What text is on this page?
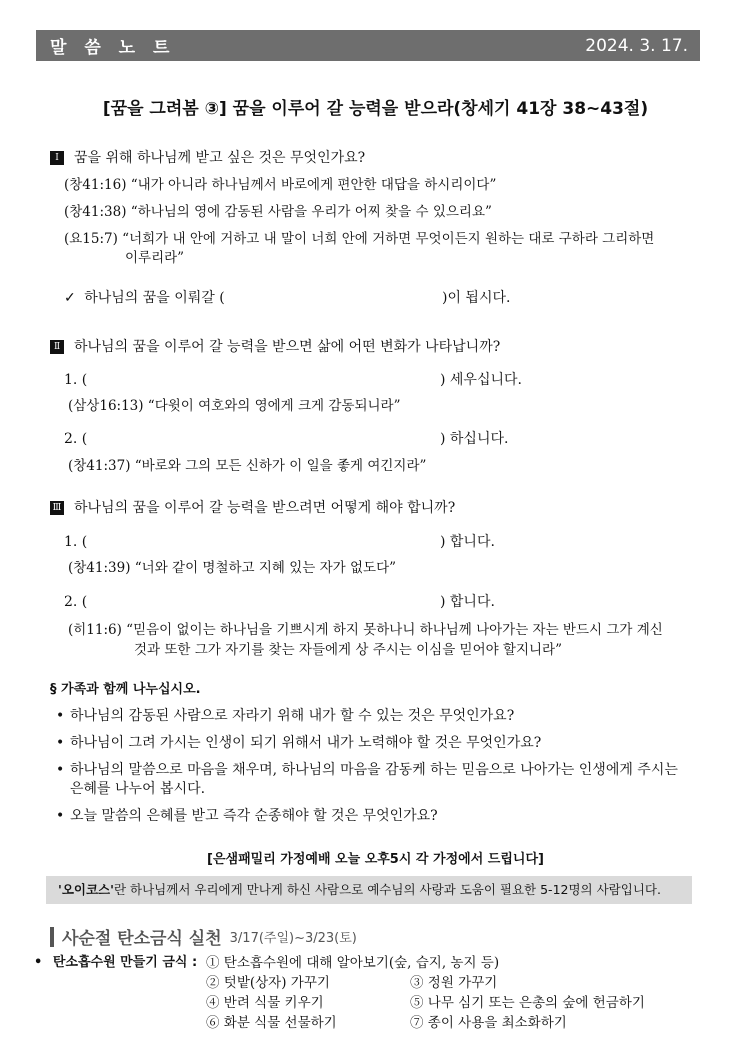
말 씀 노 트	2024. 3. 17.
[꿈을 그려봄 ③] 꿈을 이루어 갈 능력을 받으라(창세기 41장 38~43절)
Ⅰ	꿈을 위해 하나님께 받고 싶은 것은 무엇인가요?
(창41:16) “내가 아니라 하나님께서 바로에게 편안한 대답을 하시리이다”
(창41:38) “하나님의 영에 감동된 사람을 우리가 어찌 찾을 수 있으리요”
(요15:7) “너희가 내 안에 거하고 내 말이 너희 안에 거하면 무엇이든지 원하는 대로 구하라 그리하면
이루리라”
✓ 하나님의 꿈을 이뤄갈 (	)이 됩시다.
Ⅱ 하나님의 꿈을 이루어 갈 능력을 받으면 삶에 어떤 변화가 나타납니까?
1. (	) 세우십니다.
(삼상16:13) “다윗이 여호와의 영에게 크게 감동되니라”
2. (	) 하십니다.
(창41:37) “바로와 그의 모든 신하가 이 일을 좋게 여긴지라”
Ⅲ 하나님의 꿈을 이루어 갈 능력을 받으려면 어떻게 해야 합니까?
1. (	) 합니다.
(창41:39) “너와 같이 명철하고 지혜 있는 자가 없도다”
2. (	) 합니다.
(히11:6) “믿음이 없이는 하나님을 기쁘시게 하지 못하나니 하나님께 나아가는 자는 반드시 그가 계신
것과 또한 그가 자기를 찾는 자들에게 상 주시는 이심을 믿어야 할지니라”
§ 가족과 함께 나누십시오.
• 하나님의 감동된 사람으로 자라기 위해 내가 할 수 있는 것은 무엇인가요?
• 하나님이 그려 가시는 인생이 되기 위해서 내가 노력해야 할 것은 무엇인가요?
• 하나님의 말씀으로 마음을 채우며, 하나님의 마음을 감동케 하는 믿음으로 나아가는 인생에게 주시는
은혜를 나누어 봅시다.
• 오늘 말씀의 은혜를 받고 즉각 순종해야 할 것은 무엇인가요?
[은샘패밀리 가정예배 오늘 오후5시 각 가정에서 드립니다]
'오이코스'란 하나님께서 우리에게 만나게 하신 사람으로 예수님의 사랑과 도움이 필요한 5-12명의 사람입니다.
사순절 탄소금식 실천 3/17(주일)~3/23(토)
• 탄소흡수원 만들기 금식 : ① 탄소흡수원에 대해 알아보기(숲, 습지, 농지 등)
② 텃밭(상자) 가꾸기	③ 정원 가꾸기
④ 반려 식물 키우기	⑤ 나무 심기 또는 은총의 숲에 헌금하기
⑥ 화분 식물 선물하기	⑦ 종이 사용을 최소화하기
